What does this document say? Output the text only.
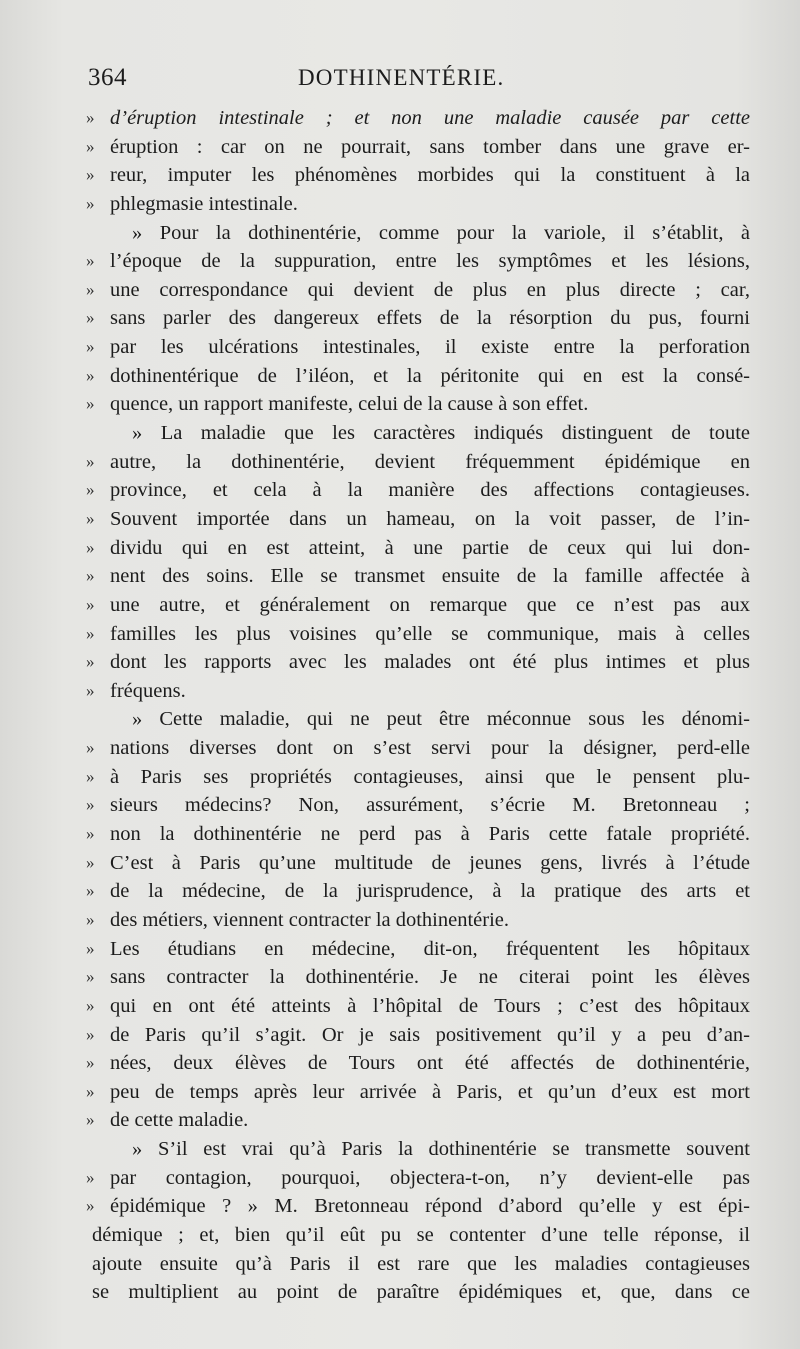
364	DOTHINENTÉRIE.
» d’éruption intestinale ; et non une maladie causée par cette
» éruption : car on ne pourrait, sans tomber dans une grave er-
» reur, imputer les phénomènes morbides qui la constituent à la
» phlegmasie intestinale.
» Pour la dothinentérie, comme pour la variole, il s’établit, à
» l’époque de la suppuration, entre les symptômes et les lésions,
» une correspondance qui devient de plus en plus directe ; car,
» sans parler des dangereux effets de la résorption du pus, fourni
» par les ulcérations intestinales, il existe entre la perforation
» dothinentérique de l’iléon, et la péritonite qui en est la consé-
» quence, un rapport manifeste, celui de la cause à son effet.
» La maladie que les caractères indiqués distinguent de toute
» autre, la dothinentérie, devient fréquemment épidémique en
» province, et cela à la manière des affections contagieuses.
» Souvent importée dans un hameau, on la voit passer, de l’in-
» dividu qui en est atteint, à une partie de ceux qui lui don-
» nent des soins. Elle se transmet ensuite de la famille affectée à
» une autre, et généralement on remarque que ce n’est pas aux
» familles les plus voisines qu’elle se communique, mais à celles
» dont les rapports avec les malades ont été plus intimes et plus
» fréquens.
» Cette maladie, qui ne peut être méconnue sous les dénomi-
» nations diverses dont on s’est servi pour la désigner, perd-elle
» à Paris ses propriétés contagieuses, ainsi que le pensent plu-
» sieurs médecins? Non, assurément, s’écrie M. Bretonneau ;
» non la dothinentérie ne perd pas à Paris cette fatale propriété.
» C’est à Paris qu’une multitude de jeunes gens, livrés à l’étude
» de la médecine, de la jurisprudence, à la pratique des arts et
» des métiers, viennent contracter la dothinentérie.
» Les étudians en médecine, dit-on, fréquentent les hôpitaux
» sans contracter la dothinentérie. Je ne citerai point les élèves
» qui en ont été atteints à l’hôpital de Tours ; c’est des hôpitaux
» de Paris qu’il s’agit. Or je sais positivement qu’il y a peu d’an-
» nées, deux élèves de Tours ont été affectés de dothinentérie,
» peu de temps après leur arrivée à Paris, et qu’un d’eux est mort
» de cette maladie.
» S’il est vrai qu’à Paris la dothinentérie se transmette souvent
» par contagion, pourquoi, objectera-t-on, n’y devient-elle pas
» épidémique ? » M. Bretonneau répond d’abord qu’elle y est épi-
démique ; et, bien qu’il eût pu se contenter d’une telle réponse, il
ajoute ensuite qu’à Paris il est rare que les maladies contagieuses
se multiplient au point de paraître épidémiques et, que, dans ce
